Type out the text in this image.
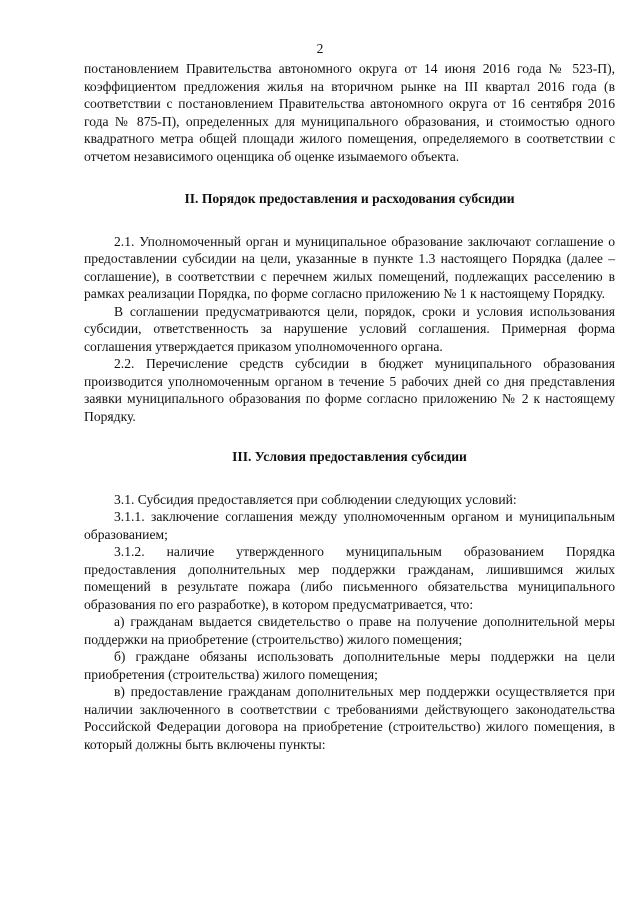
2

постановлением Правительства автономного округа от 14 июня 2016 года № 523-П), коэффициентом предложения жилья на вторичном рынке на III квартал 2016 года (в соответствии с постановлением Правительства автономного округа от 16 сентября 2016 года № 875-П), определенных для муниципального образования, и стоимостью одного квадратного метра общей площади жилого помещения, определяемого в соответствии с отчетом независимого оценщика об оценке изымаемого объекта.

II. Порядок предоставления и расходования субсидии

2.1. Уполномоченный орган и муниципальное образование заключают соглашение о предоставлении субсидии на цели, указанные в пункте 1.3 настоящего Порядка (далее – соглашение), в соответствии с перечнем жилых помещений, подлежащих расселению в рамках реализации Порядка, по форме согласно приложению № 1 к настоящему Порядку.

В соглашении предусматриваются цели, порядок, сроки и условия использования субсидии, ответственность за нарушение условий соглашения. Примерная форма соглашения утверждается приказом уполномоченного органа.

2.2. Перечисление средств субсидии в бюджет муниципального образования производится уполномоченным органом в течение 5 рабочих дней со дня представления заявки муниципального образования по форме согласно приложению № 2 к настоящему Порядку.

III. Условия предоставления субсидии

3.1. Субсидия предоставляется при соблюдении следующих условий:

3.1.1. заключение соглашения между уполномоченным органом и муниципальным образованием;

3.1.2. наличие утвержденного муниципальным образованием Порядка предоставления дополнительных мер поддержки гражданам, лишившимся жилых помещений в результате пожара (либо письменного обязательства муниципального образования по его разработке), в котором предусматривается, что:

а) гражданам выдается свидетельство о праве на получение дополнительной меры поддержки на приобретение (строительство) жилого помещения;

б) граждане обязаны использовать дополнительные меры поддержки на цели приобретения (строительства) жилого помещения;

в) предоставление гражданам дополнительных мер поддержки осуществляется при наличии заключенного в соответствии с требованиями действующего законодательства Российской Федерации договора на приобретение (строительство) жилого помещения, в который должны быть включены пункты:
